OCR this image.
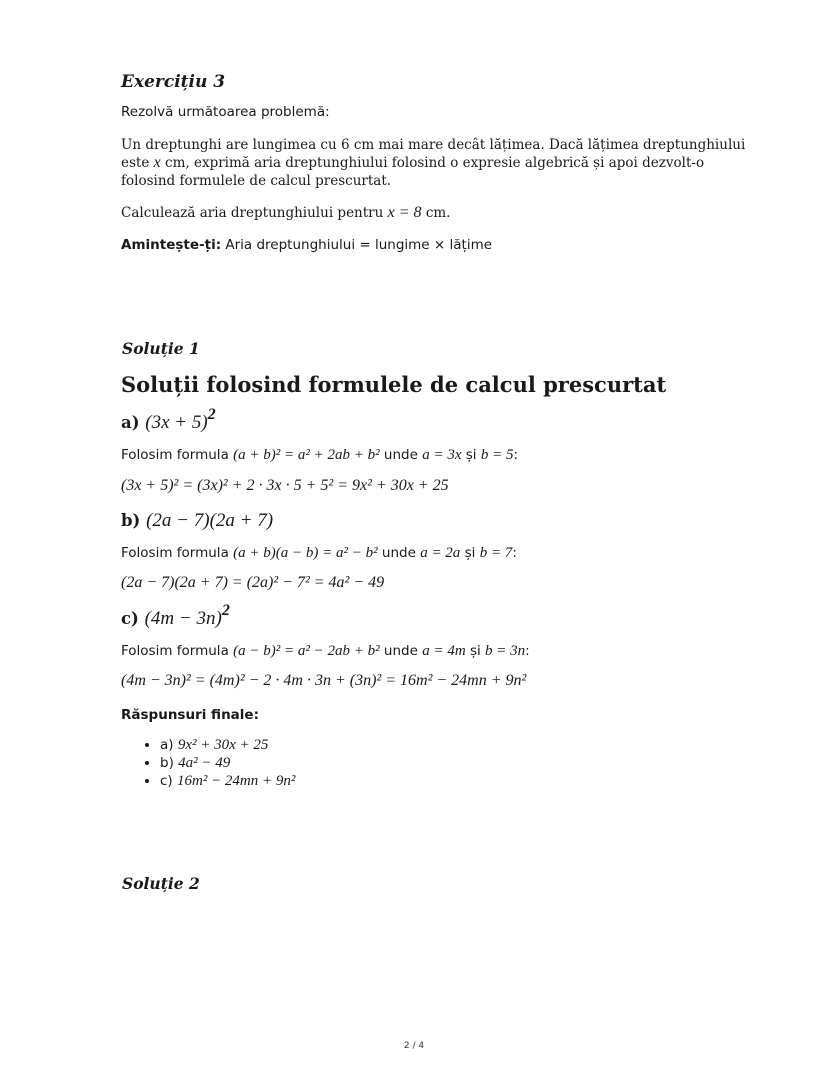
Exercițiu 3
Rezolvă următoarea problemă:
Un dreptunghi are lungimea cu 6 cm mai mare decât lățimea. Dacă lățimea dreptunghiului
este x cm, exprimă aria dreptunghiului folosind o expresie algebrică și apoi dezvolt-o
folosind formulele de calcul prescurtat.
Calculează aria dreptunghiului pentru x = 8 cm.
Amintește-ți: Aria dreptunghiului = lungime × lățime
Soluție 1
Soluții folosind formulele de calcul prescurtat
a) $(3x + 5)^2$
Folosim formula (a + b)² = a² + 2ab + b² unde a = 3x și b = 5:
(3x + 5)² = (3x)² + 2 · 3x · 5 + 5² = 9x² + 30x + 25
b) (2a − 7)(2a + 7)
Folosim formula (a + b)(a − b) = a² − b² unde a = 2a și b = 7:
(2a − 7)(2a + 7) = (2a)² − 7² = 4a² − 49
c) $(4m - 3n)^2$
Folosim formula (a − b)² = a² − 2ab + b² unde a = 4m și b = 3n:
(4m − 3n)² = (4m)² − 2 · 4m · 3n + (3n)² = 16m² − 24mn + 9n²
Răspunsuri finale:
• a) 9x² + 30x + 25
• b) 4a² − 49
• c) 16m² − 24mn + 9n²
Soluție 2
2 / 4
